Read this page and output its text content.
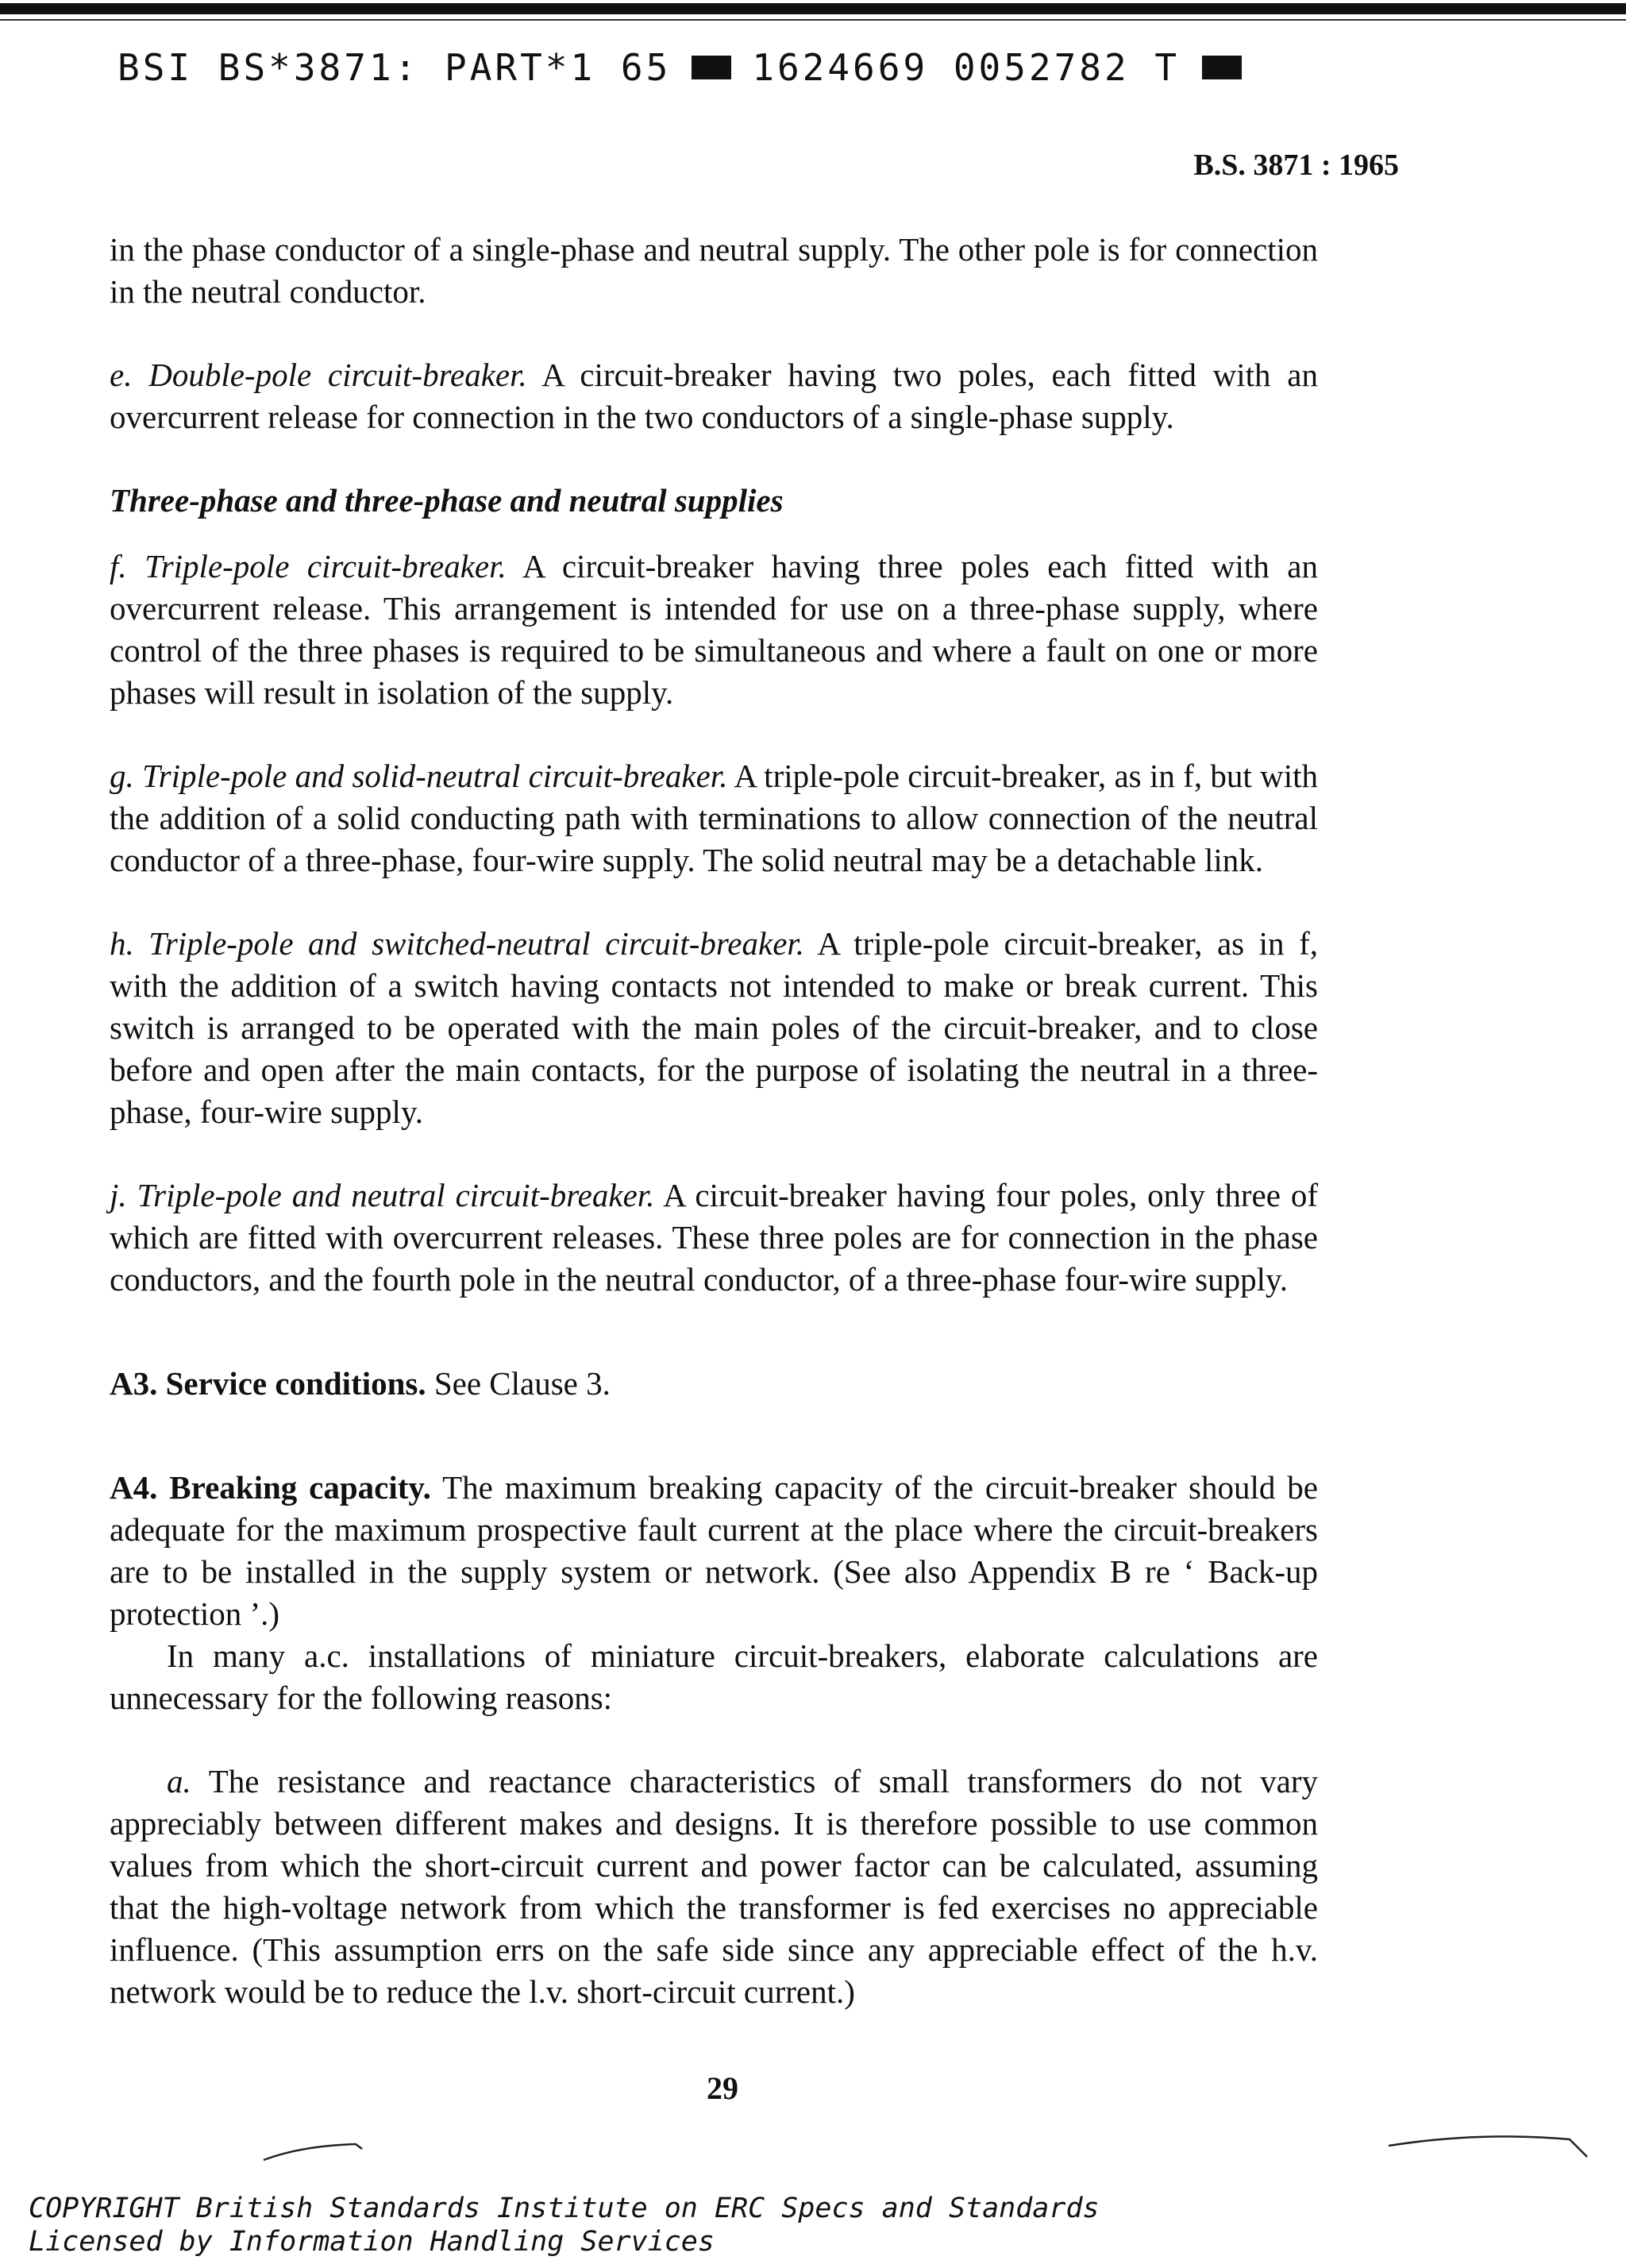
BSI BS*3871: PART*1 65 1624669 0052782 T
B.S. 3871 : 1965

in the phase conductor of a single-phase and neutral supply. The other pole is for connection in the neutral conductor.

e. Double-pole circuit-breaker. A circuit-breaker having two poles, each fitted with an overcurrent release for connection in the two conductors of a single-phase supply.

Three-phase and three-phase and neutral supplies

f. Triple-pole circuit-breaker. A circuit-breaker having three poles each fitted with an overcurrent release. This arrangement is intended for use on a three-phase supply, where control of the three phases is required to be simultaneous and where a fault on one or more phases will result in isolation of the supply.

g. Triple-pole and solid-neutral circuit-breaker. A triple-pole circuit-breaker, as in f, but with the addition of a solid conducting path with terminations to allow connection of the neutral conductor of a three-phase, four-wire supply. The solid neutral may be a detachable link.

h. Triple-pole and switched-neutral circuit-breaker. A triple-pole circuit-breaker, as in f, with the addition of a switch having contacts not intended to make or break current. This switch is arranged to be operated with the main poles of the circuit-breaker, and to close before and open after the main contacts, for the purpose of isolating the neutral in a three-phase, four-wire supply.

j. Triple-pole and neutral circuit-breaker. A circuit-breaker having four poles, only three of which are fitted with overcurrent releases. These three poles are for connection in the phase conductors, and the fourth pole in the neutral conductor, of a three-phase four-wire supply.

A3. Service conditions. See Clause 3.

A4. Breaking capacity. The maximum breaking capacity of the circuit-breaker should be adequate for the maximum prospective fault current at the place where the circuit-breakers are to be installed in the supply system or network. (See also Appendix B re ‘ Back-up protection ’.)

In many a.c. installations of miniature circuit-breakers, elaborate calculations are unnecessary for the following reasons:

a. The resistance and reactance characteristics of small transformers do not vary appreciably between different makes and designs. It is therefore possible to use common values from which the short-circuit current and power factor can be calculated, assuming that the high-voltage network from which the transformer is fed exercises no appreciable influence. (This assumption errs on the safe side since any appreciable effect of the h.v. network would be to reduce the l.v. short-circuit current.)

29
COPYRIGHT British Standards Institute on ERC Specs and Standards
Licensed by Information Handling Services
